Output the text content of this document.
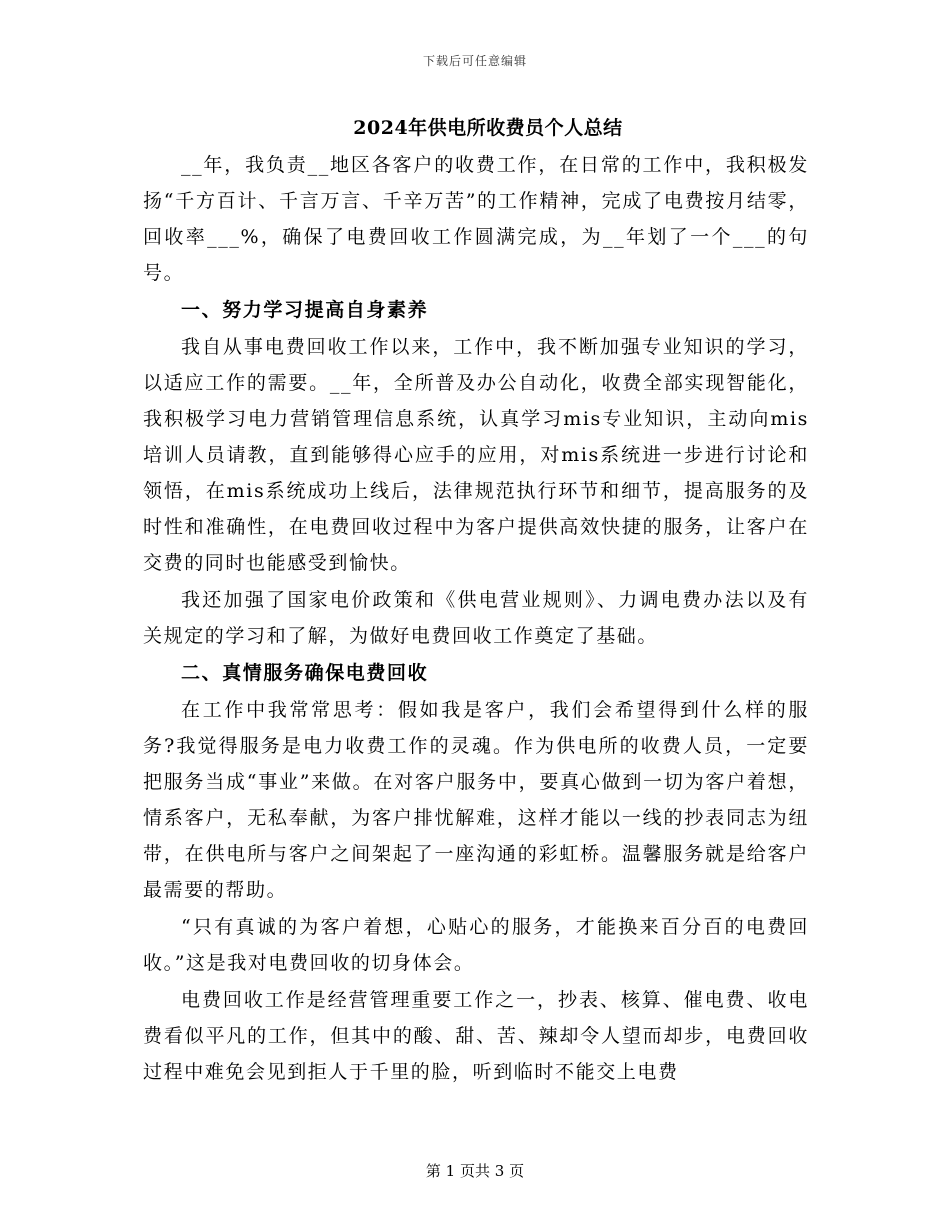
下载后可任意编辑
2024年供电所收费员个人总结
__年，我负责__地区各客户的收费工作，在日常的工作中，我积极发扬“千方百计、千言万言、千辛万苦”的工作精神，完成了电费按月结零，回收率___%，确保了电费回收工作圆满完成，为__年划了一个___的句号。
一、努力学习提高自身素养
我自从事电费回收工作以来，工作中，我不断加强专业知识的学习，以适应工作的需要。__年，全所普及办公自动化，收费全部实现智能化，我积极学习电力营销管理信息系统，认真学习mis专业知识，主动向mis培训人员请教，直到能够得心应手的应用，对mis系统进一步进行讨论和领悟，在mis系统成功上线后，法律规范执行环节和细节，提高服务的及时性和准确性，在电费回收过程中为客户提供高效快捷的服务，让客户在交费的同时也能感受到愉快。
我还加强了国家电价政策和《供电营业规则》、力调电费办法以及有关规定的学习和了解，为做好电费回收工作奠定了基础。
二、真情服务确保电费回收
在工作中我常常思考：假如我是客户，我们会希望得到什么样的服务?我觉得服务是电力收费工作的灵魂。作为供电所的收费人员，一定要把服务当成“事业”来做。在对客户服务中，要真心做到一切为客户着想，情系客户，无私奉献，为客户排忧解难，这样才能以一线的抄表同志为纽带，在供电所与客户之间架起了一座沟通的彩虹桥。温馨服务就是给客户最需要的帮助。
“只有真诚的为客户着想，心贴心的服务，才能换来百分百的电费回收。”这是我对电费回收的切身体会。
电费回收工作是经营管理重要工作之一，抄表、核算、催电费、收电费看似平凡的工作，但其中的酸、甜、苦、辣却令人望而却步，电费回收过程中难免会见到拒人于千里的脸，听到临时不能交上电费
第 1 页共 3 页
